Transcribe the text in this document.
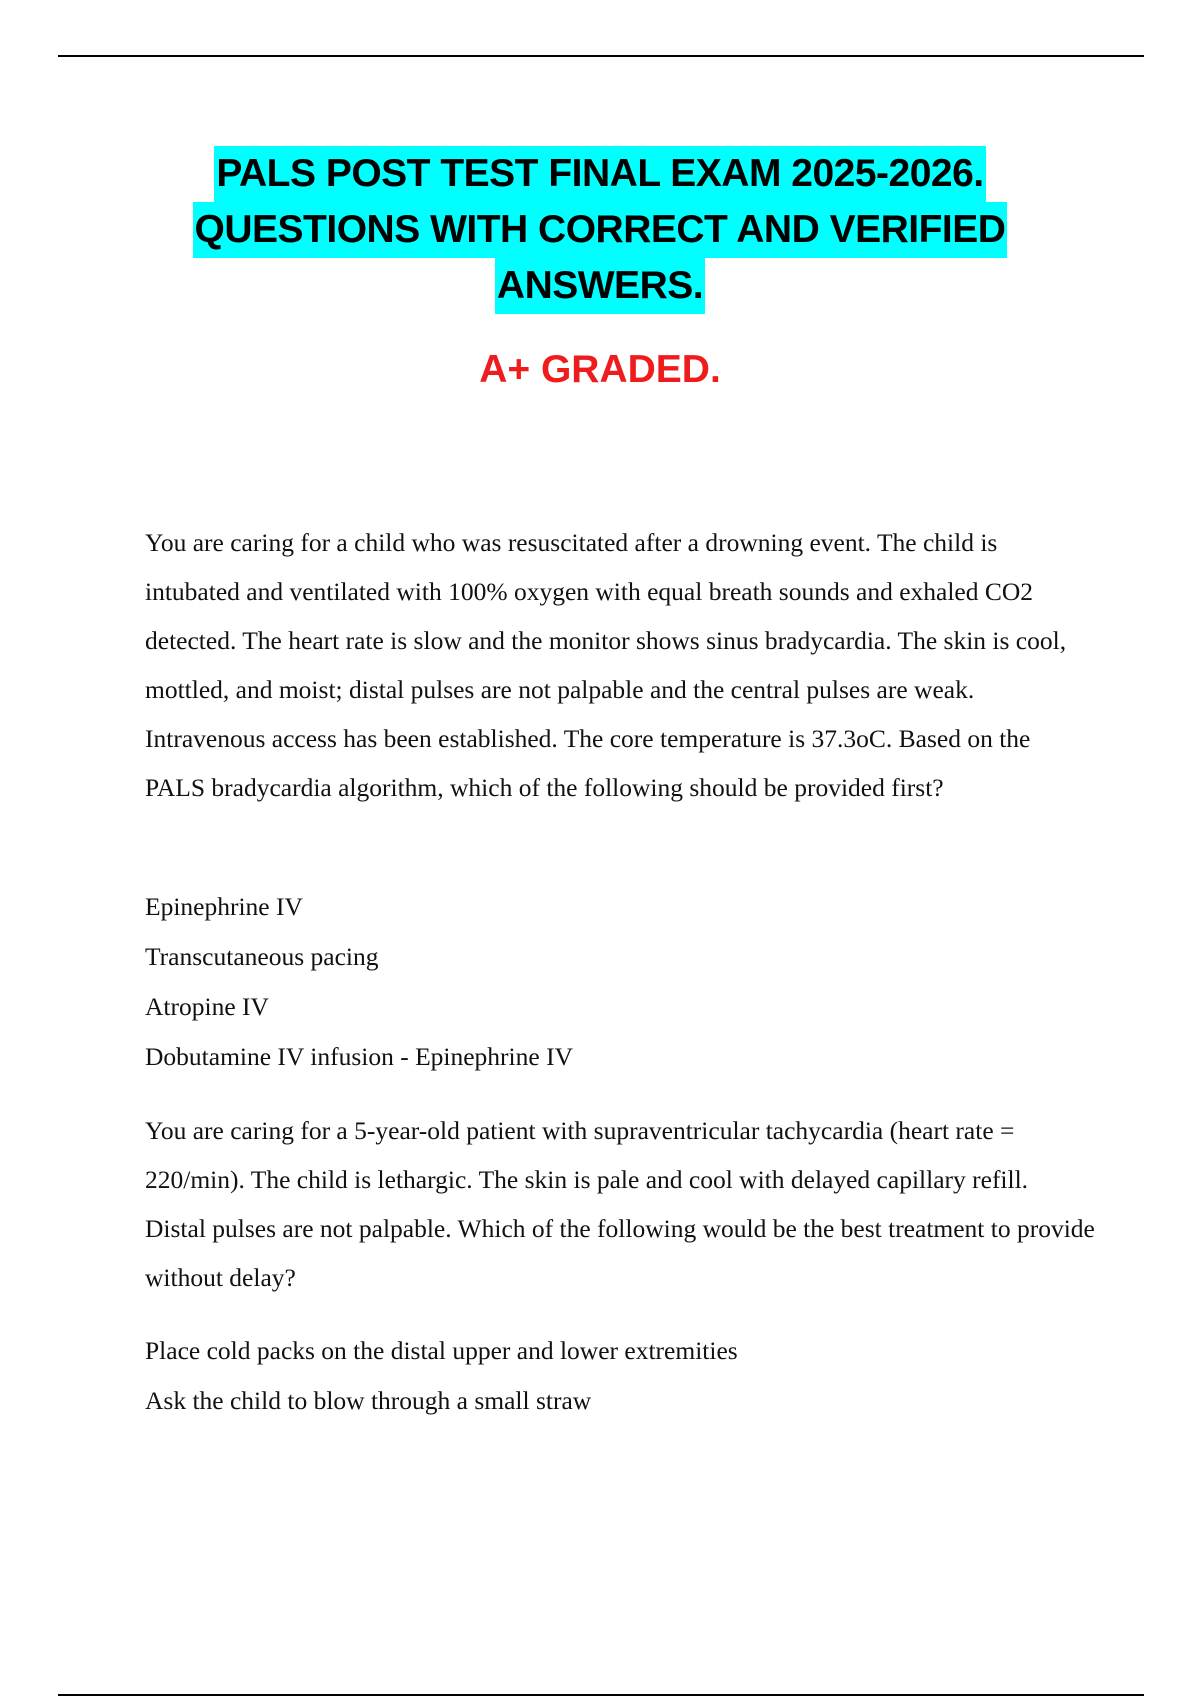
PALS POST TEST FINAL EXAM 2025-2026.
QUESTIONS WITH CORRECT AND VERIFIED
ANSWERS.
A+ GRADED.

You are caring for a child who was resuscitated after a drowning event. The child is intubated and ventilated with 100% oxygen with equal breath sounds and exhaled CO2 detected. The heart rate is slow and the monitor shows sinus bradycardia. The skin is cool, mottled, and moist; distal pulses are not palpable and the central pulses are weak. Intravenous access has been established. The core temperature is 37.3oC. Based on the PALS bradycardia algorithm, which of the following should be provided first?

Epinephrine IV
Transcutaneous pacing
Atropine IV
Dobutamine IV infusion - Epinephrine IV

You are caring for a 5-year-old patient with supraventricular tachycardia (heart rate = 220/min). The child is lethargic. The skin is pale and cool with delayed capillary refill. Distal pulses are not palpable. Which of the following would be the best treatment to provide without delay?

Place cold packs on the distal upper and lower extremities
Ask the child to blow through a small straw
